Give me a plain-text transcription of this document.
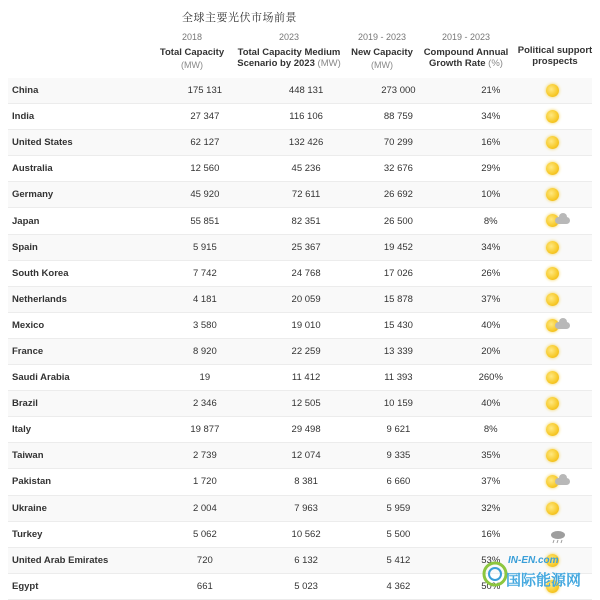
全球主要光伏市场前景
2018
Total Capacity
(MW)
2023
Total Capacity Medium
Scenario by 2023 (MW)
2019 - 2023
New Capacity
(MW)
2019 - 2023
Compound Annual
Growth Rate (%)
Political support
prospects
China	175 131	448 131	273 000	21%	

India	27 347	116 106	88 759	34%	

United States	62 127	132 426	70 299	16%	

Australia	12 560	45 236	32 676	29%	

Germany	45 920	72 611	26 692	10%	

Japan	55 851	82 351	26 500	8%	

Spain	5 915	25 367	19 452	34%	

South Korea	7 742	24 768	17 026	26%	

Netherlands	4 181	20 059	15 878	37%	

Mexico	3 580	19 010	15 430	40%	

France	8 920	22 259	13 339	20%	

Saudi Arabia	19	11 412	11 393	260%	

Brazil	2 346	12 505	10 159	40%	

Italy	19 877	29 498	9 621	8%	

Taiwan	2 739	12 074	9 335	35%	

Pakistan	1 720	8 381	6 660	37%	

Ukraine	2 004	7 963	5 959	32%	

Turkey	5 062	10 562	5 500	16%	

United Arab Emirates	720	6 132	5 412	53%	

Egypt	661	5 023	4 362	50%	
IN-EN.com
国际能源网
